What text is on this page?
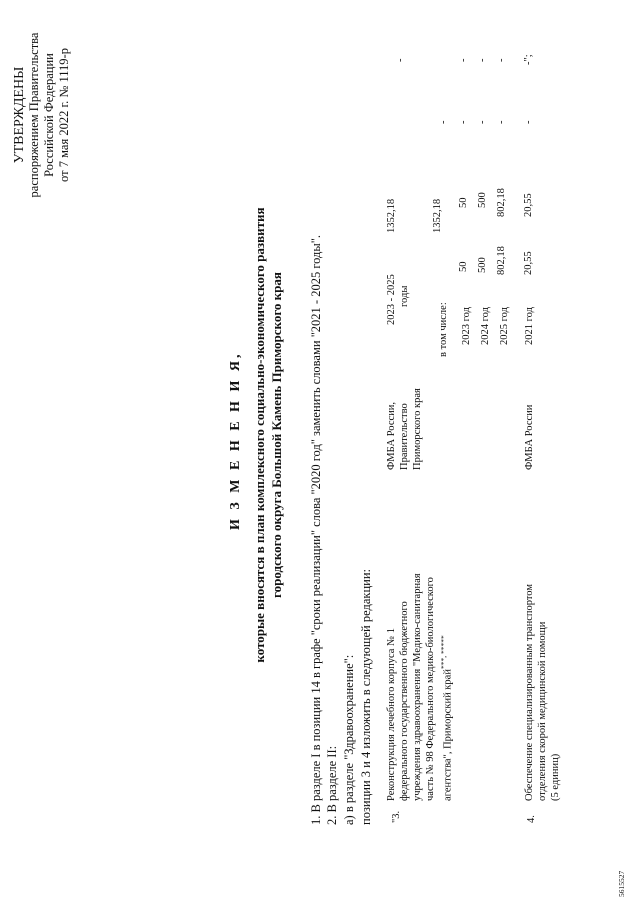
УТВЕРЖДЕНЫ распоряжением Правительства Российской Федерации от 7 мая 2022 г. № 1119-р
И З М Е Н Е Н И Я, которые вносятся в план комплексного социально-экономического развития городского округа Большой Камень Приморского края 1. В разделе I в позиции 14 в графе "сроки реализации" слова "2020 год" заменить словами "2021 - 2025 годы". 2. В разделе II: а) в разделе "Здравоохранение": позиции 3 и 4 изложить в следующей редакции: "3.
Реконструкция лечебного корпуса № 1 федерального государственного бюджетного учреждения здравоохранения "Медико-санитарная часть № 98 Федерального медико-биологического агентства", Приморский край***, *****
ФМБА России, Правительство Приморского края
2023 - 2025 годы
1352,18	1352,18
-
-
в том числе: 2023 год
50
50
-
-
2024 год
500
500
-
-
2025 год
802,18
802,18
-
-
4.
Обеспечение специализированным транспортом отделения скорой медицинской помощи (5 единиц)
ФМБА России
2021 год
20,55
20,55
-
-";
5615527
